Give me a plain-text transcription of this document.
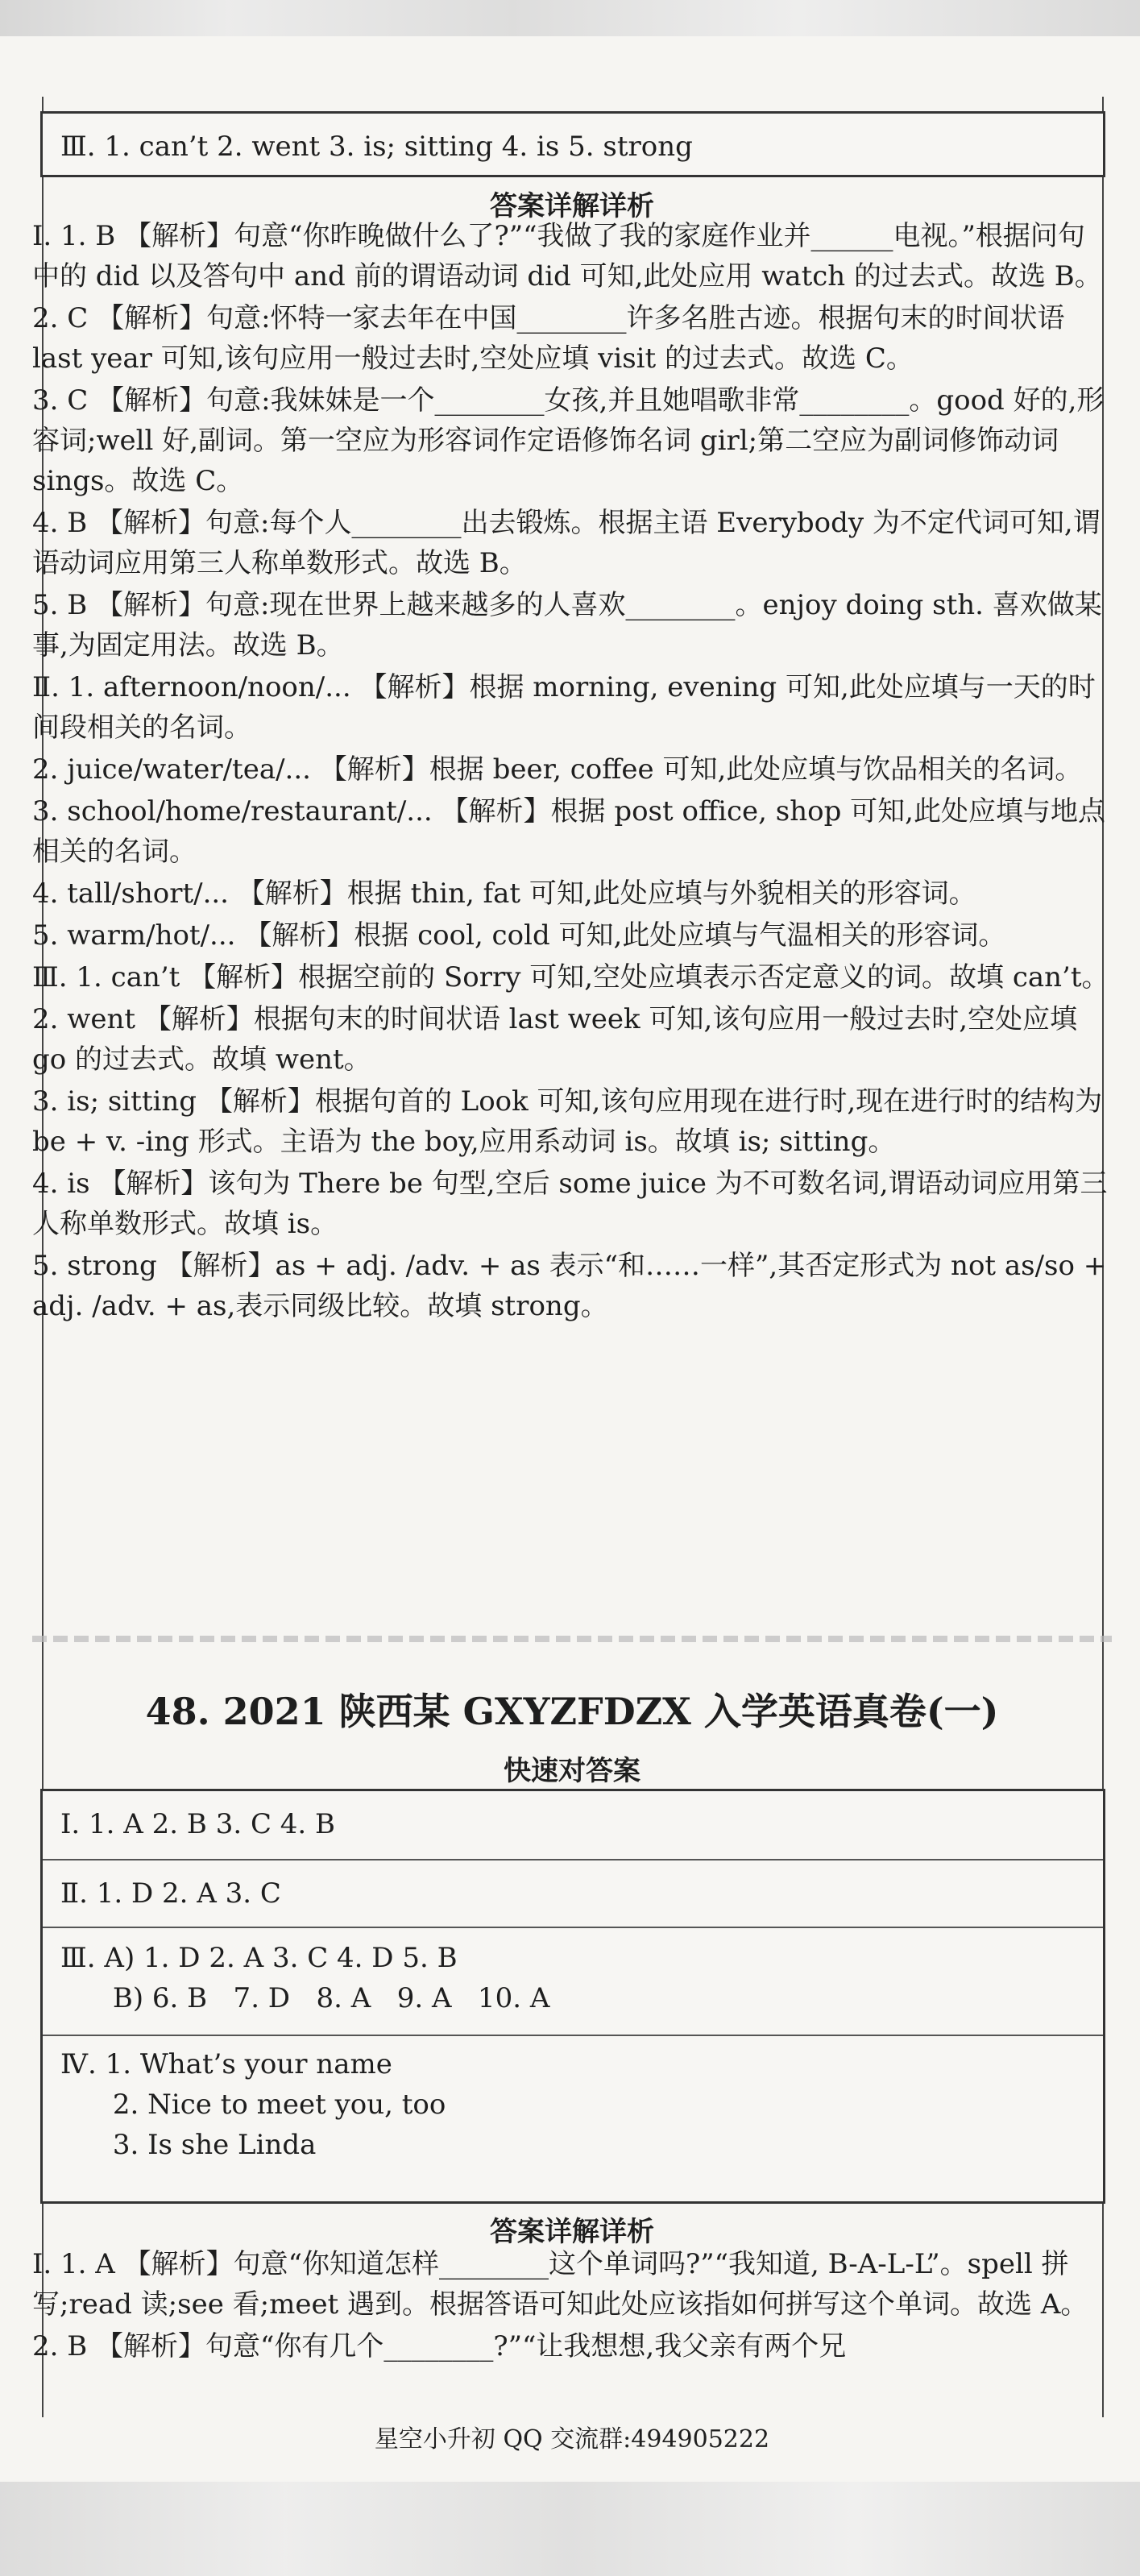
Ⅲ. 1. can’t 2. went 3. is; sitting 4. is 5. strong
答案详解详析
Ⅰ. 1. B 【解析】句意“你昨晚做什么了?”“我做了我的家庭作业并______电视。”根据问句中的 did 以及答句中 and 前的谓语动词 did 可知,此处应用 watch 的过去式。故选 B。
2. C 【解析】句意:怀特一家去年在中国________许多名胜古迹。根据句末的时间状语 last year 可知,该句应用一般过去时,空处应填 visit 的过去式。故选 C。
3. C 【解析】句意:我妹妹是一个________女孩,并且她唱歌非常________。good 好的,形容词;well 好,副词。第一空应为形容词作定语修饰名词 girl;第二空应为副词修饰动词 sings。故选 C。
4. B 【解析】句意:每个人________出去锻炼。根据主语 Everybody 为不定代词可知,谓语动词应用第三人称单数形式。故选 B。
5. B 【解析】句意:现在世界上越来越多的人喜欢________。enjoy doing sth. 喜欢做某事,为固定用法。故选 B。
Ⅱ. 1. afternoon/noon/... 【解析】根据 morning, evening 可知,此处应填与一天的时间段相关的名词。
2. juice/water/tea/... 【解析】根据 beer, coffee 可知,此处应填与饮品相关的名词。
3. school/home/restaurant/... 【解析】根据 post office, shop 可知,此处应填与地点相关的名词。
4. tall/short/... 【解析】根据 thin, fat 可知,此处应填与外貌相关的形容词。
5. warm/hot/... 【解析】根据 cool, cold 可知,此处应填与气温相关的形容词。
Ⅲ. 1. can’t 【解析】根据空前的 Sorry 可知,空处应填表示否定意义的词。故填 can’t。
2. went 【解析】根据句末的时间状语 last week 可知,该句应用一般过去时,空处应填 go 的过去式。故填 went。
3. is; sitting 【解析】根据句首的 Look 可知,该句应用现在进行时,现在进行时的结构为 be + v. -ing 形式。主语为 the boy,应用系动词 is。故填 is; sitting。
4. is 【解析】该句为 There be 句型,空后 some juice 为不可数名词,谓语动词应用第三人称单数形式。故填 is。
5. strong 【解析】as + adj. /adv. + as 表示“和……一样”,其否定形式为 not as/so + adj. /adv. + as,表示同级比较。故填 strong。
48. 2021 陕西某 GXYZFDZX 入学英语真卷(一)
快速对答案
Ⅰ. 1. A 2. B 3. C 4. B
Ⅱ. 1. D 2. A 3. C
Ⅲ. A) 1. D 2. A 3. C 4. D 5. B
B) 6. B   7. D   8. A   9. A   10. A
Ⅳ. 1. What’s your name
2. Nice to meet you, too
3. Is she Linda
答案详解详析
Ⅰ. 1. A 【解析】句意“你知道怎样________这个单词吗?”“我知道, B-A-L-L”。spell 拼写;read 读;see 看;meet 遇到。根据答语可知此处应该指如何拼写这个单词。故选 A。
2. B 【解析】句意“你有几个________?”“让我想想,我父亲有两个兄
星空小升初 QQ 交流群:494905222
